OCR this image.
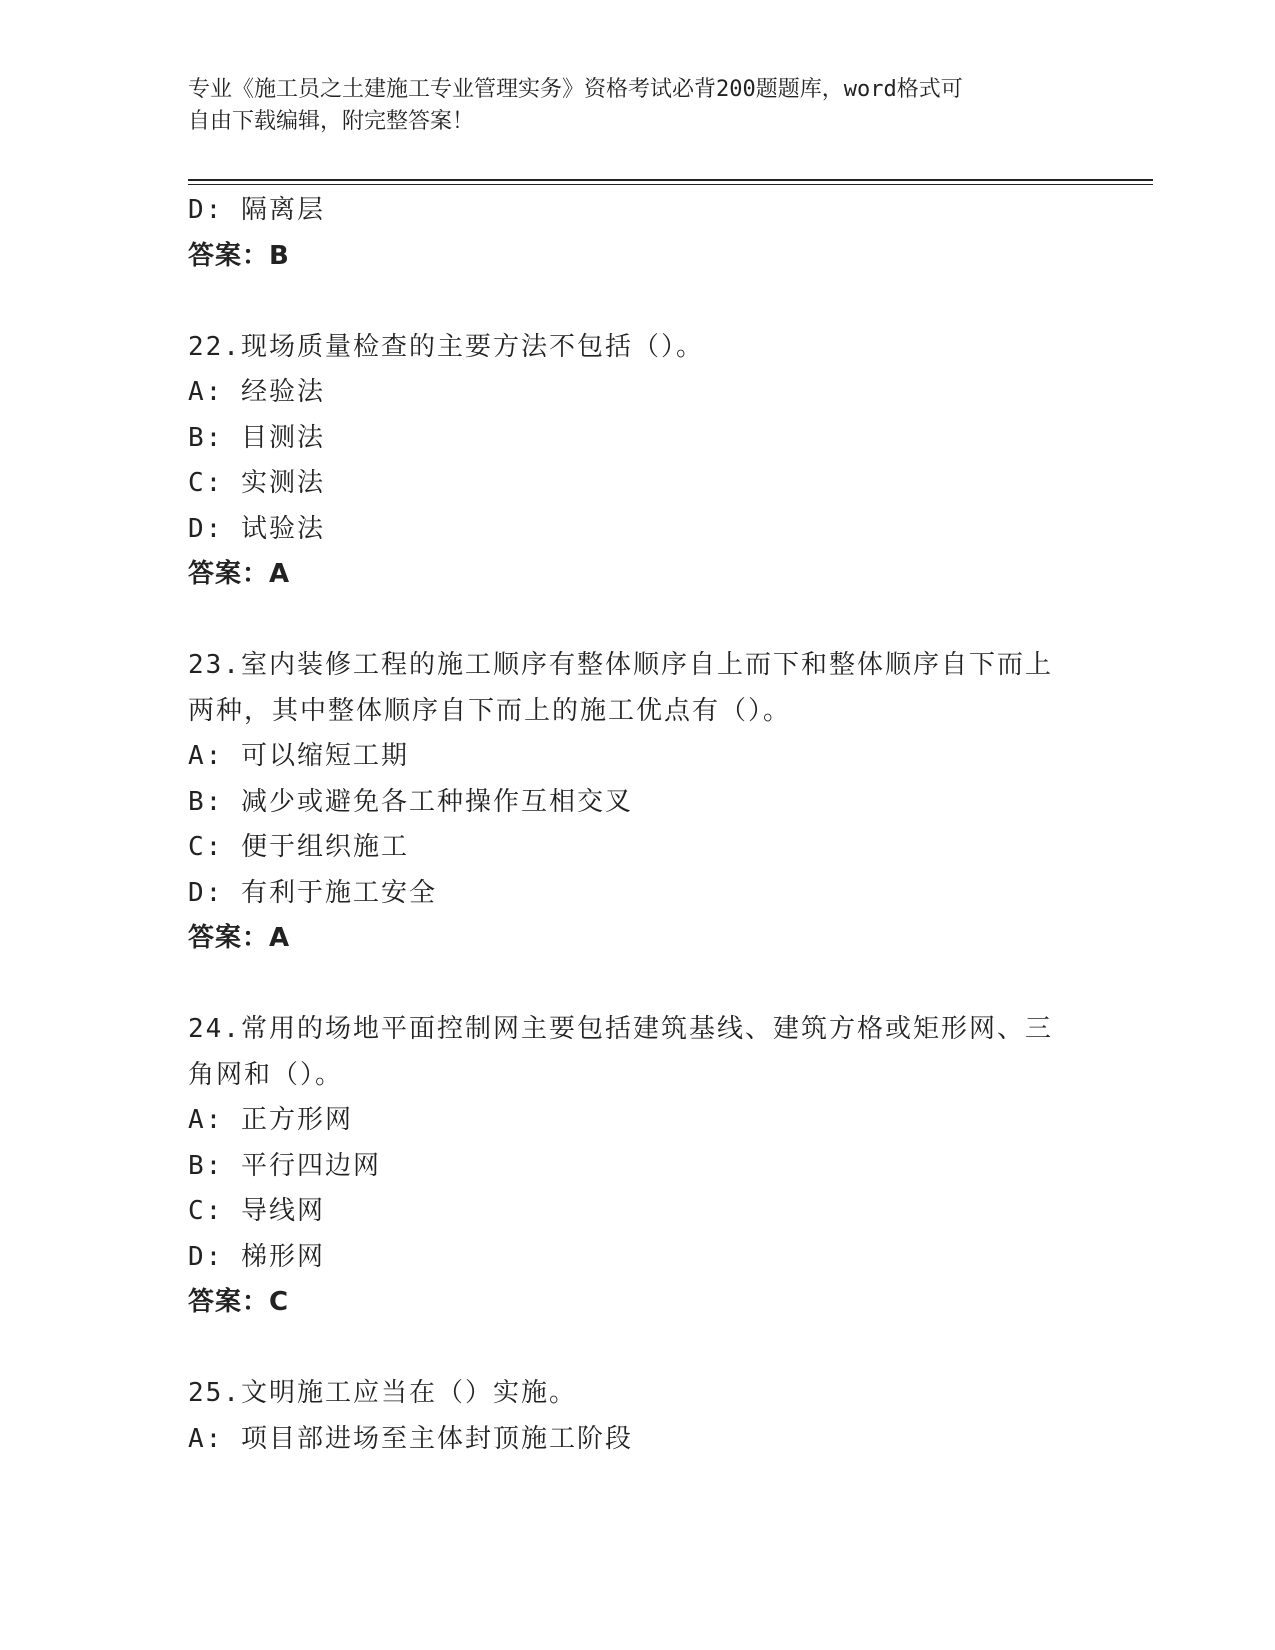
专业《施工员之土建施工专业管理实务》资格考试必背200题题库，word格式可
自由下载编辑，附完整答案！
D: 隔离层
答案：B
22.现场质量检查的主要方法不包括（）。
A: 经验法
B: 目测法
C: 实测法
D: 试验法
答案：A
23.室内装修工程的施工顺序有整体顺序自上而下和整体顺序自下而上
两种，其中整体顺序自下而上的施工优点有（）。
A: 可以缩短工期
B: 减少或避免各工种操作互相交叉
C: 便于组织施工
D: 有利于施工安全
答案：A
24.常用的场地平面控制网主要包括建筑基线、建筑方格或矩形网、三
角网和（）。
A: 正方形网
B: 平行四边网
C: 导线网
D: 梯形网
答案：C
25.文明施工应当在（）实施。
A: 项目部进场至主体封顶施工阶段
